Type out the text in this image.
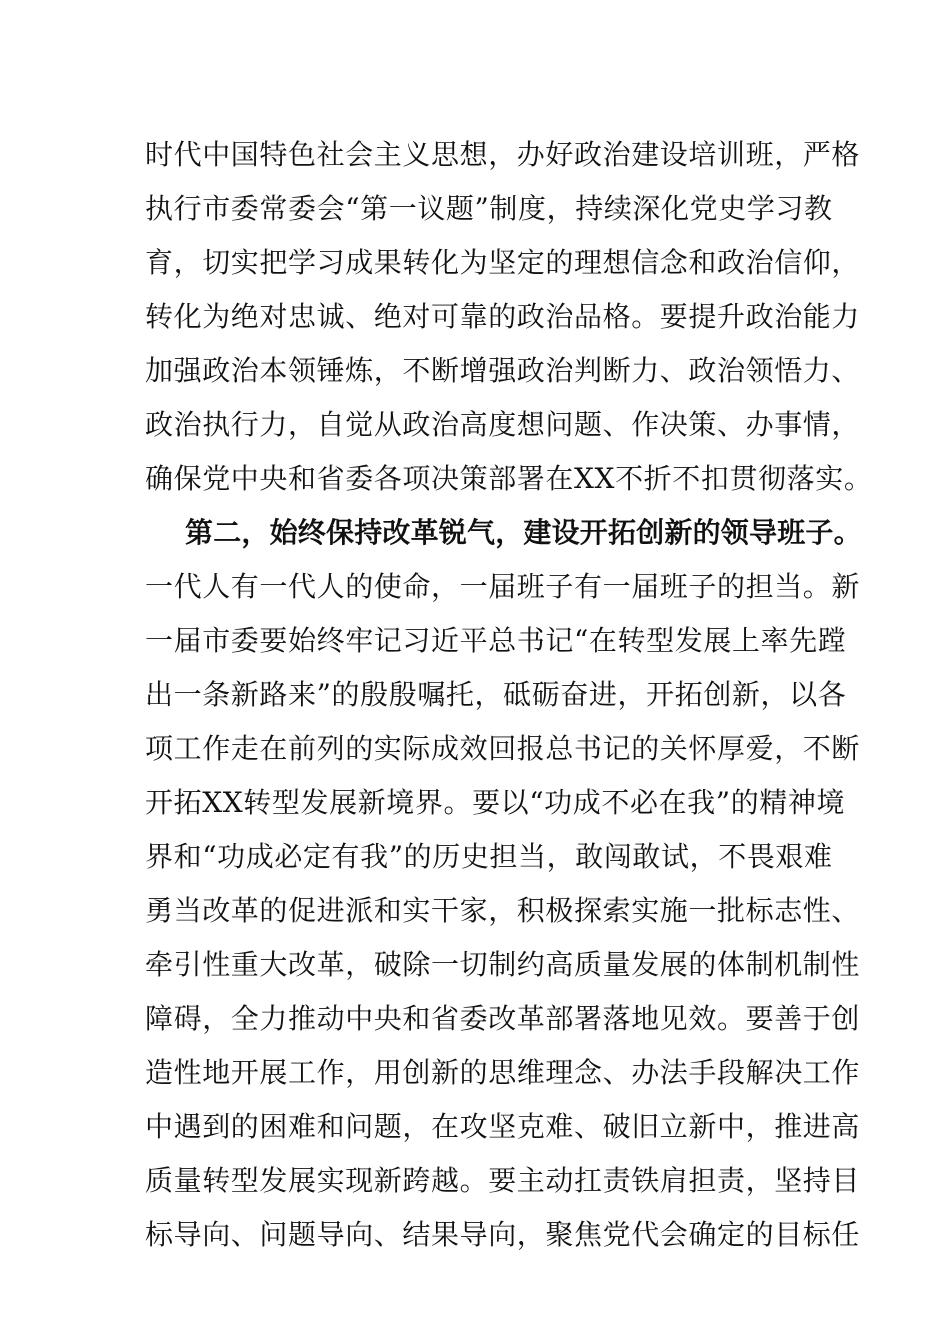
时代中国特色社会主义思想，办好政治建设培训班，严格
执行市委常委会“第一议题”制度，持续深化党史学习教
育，切实把学习成果转化为坚定的理想信念和政治信仰，
转化为绝对忠诚、绝对可靠的政治品格。要提升政治能力
加强政治本领锤炼，不断增强政治判断力、政治领悟力、
政治执行力，自觉从政治高度想问题、作决策、办事情，
确保党中央和省委各项决策部署在XX不折不扣贯彻落实。
第二，始终保持改革锐气，建设开拓创新的领导班子。
一代人有一代人的使命，一届班子有一届班子的担当。新
一届市委要始终牢记习近平总书记“在转型发展上率先蹚
出一条新路来”的殷殷嘱托，砥砺奋进，开拓创新，以各
项工作走在前列的实际成效回报总书记的关怀厚爱，不断
开拓XX转型发展新境界。要以“功成不必在我”的精神境
界和“功成必定有我”的历史担当，敢闯敢试，不畏艰难
勇当改革的促进派和实干家，积极探索实施一批标志性、
牵引性重大改革，破除一切制约高质量发展的体制机制性
障碍，全力推动中央和省委改革部署落地见效。要善于创
造性地开展工作，用创新的思维理念、办法手段解决工作
中遇到的困难和问题，在攻坚克难、破旧立新中，推进高
质量转型发展实现新跨越。要主动扛责铁肩担责，坚持目
标导向、问题导向、结果导向，聚焦党代会确定的目标任
